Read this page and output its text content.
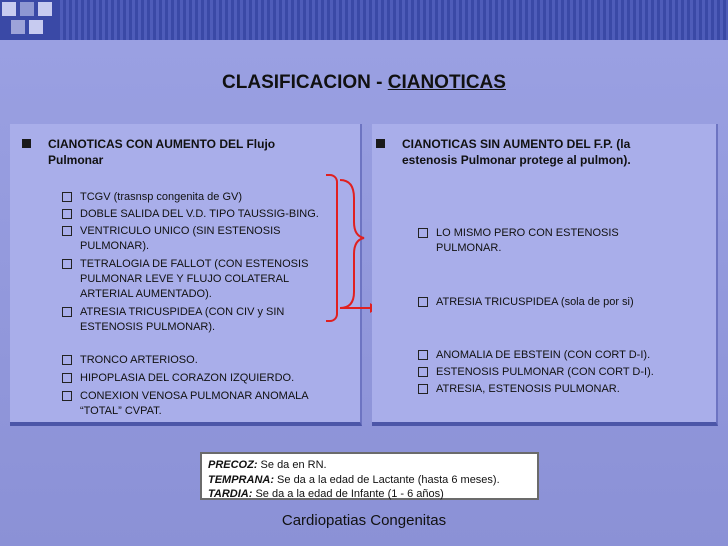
CLASIFICACION - CIANOTICAS
CIANOTICAS CON AUMENTO DEL Flujo
Pulmonar
TCGV (trasnsp congenita de GV)
DOBLE SALIDA DEL V.D. TIPO TAUSSIG-BING.
VENTRICULO UNICO (SIN ESTENOSIS
PULMONAR).
TETRALOGIA DE FALLOT (CON ESTENOSIS
PULMONAR LEVE Y FLUJO COLATERAL
ARTERIAL AUMENTADO).
ATRESIA TRICUSPIDEA (CON CIV y SIN
ESTENOSIS PULMONAR).
TRONCO ARTERIOSO.
HIPOPLASIA DEL CORAZON IZQUIERDO.
CONEXION VENOSA PULMONAR ANOMALA
“TOTAL” CVPAT.
CIANOTICAS SIN AUMENTO DEL F.P. (la
estenosis Pulmonar protege al pulmon).
LO MISMO PERO CON ESTENOSIS
PULMONAR.
ATRESIA TRICUSPIDEA (sola de por si)
ANOMALIA DE EBSTEIN (CON CORT D-I).
ESTENOSIS PULMONAR (CON CORT D-I).
ATRESIA, ESTENOSIS PULMONAR.
PRECOZ: Se da en RN.
TEMPRANA: Se da a la edad de Lactante (hasta 6 meses).
TARDIA: Se da a la edad de Infante (1 - 6 años)
Cardiopatias Congenitas
